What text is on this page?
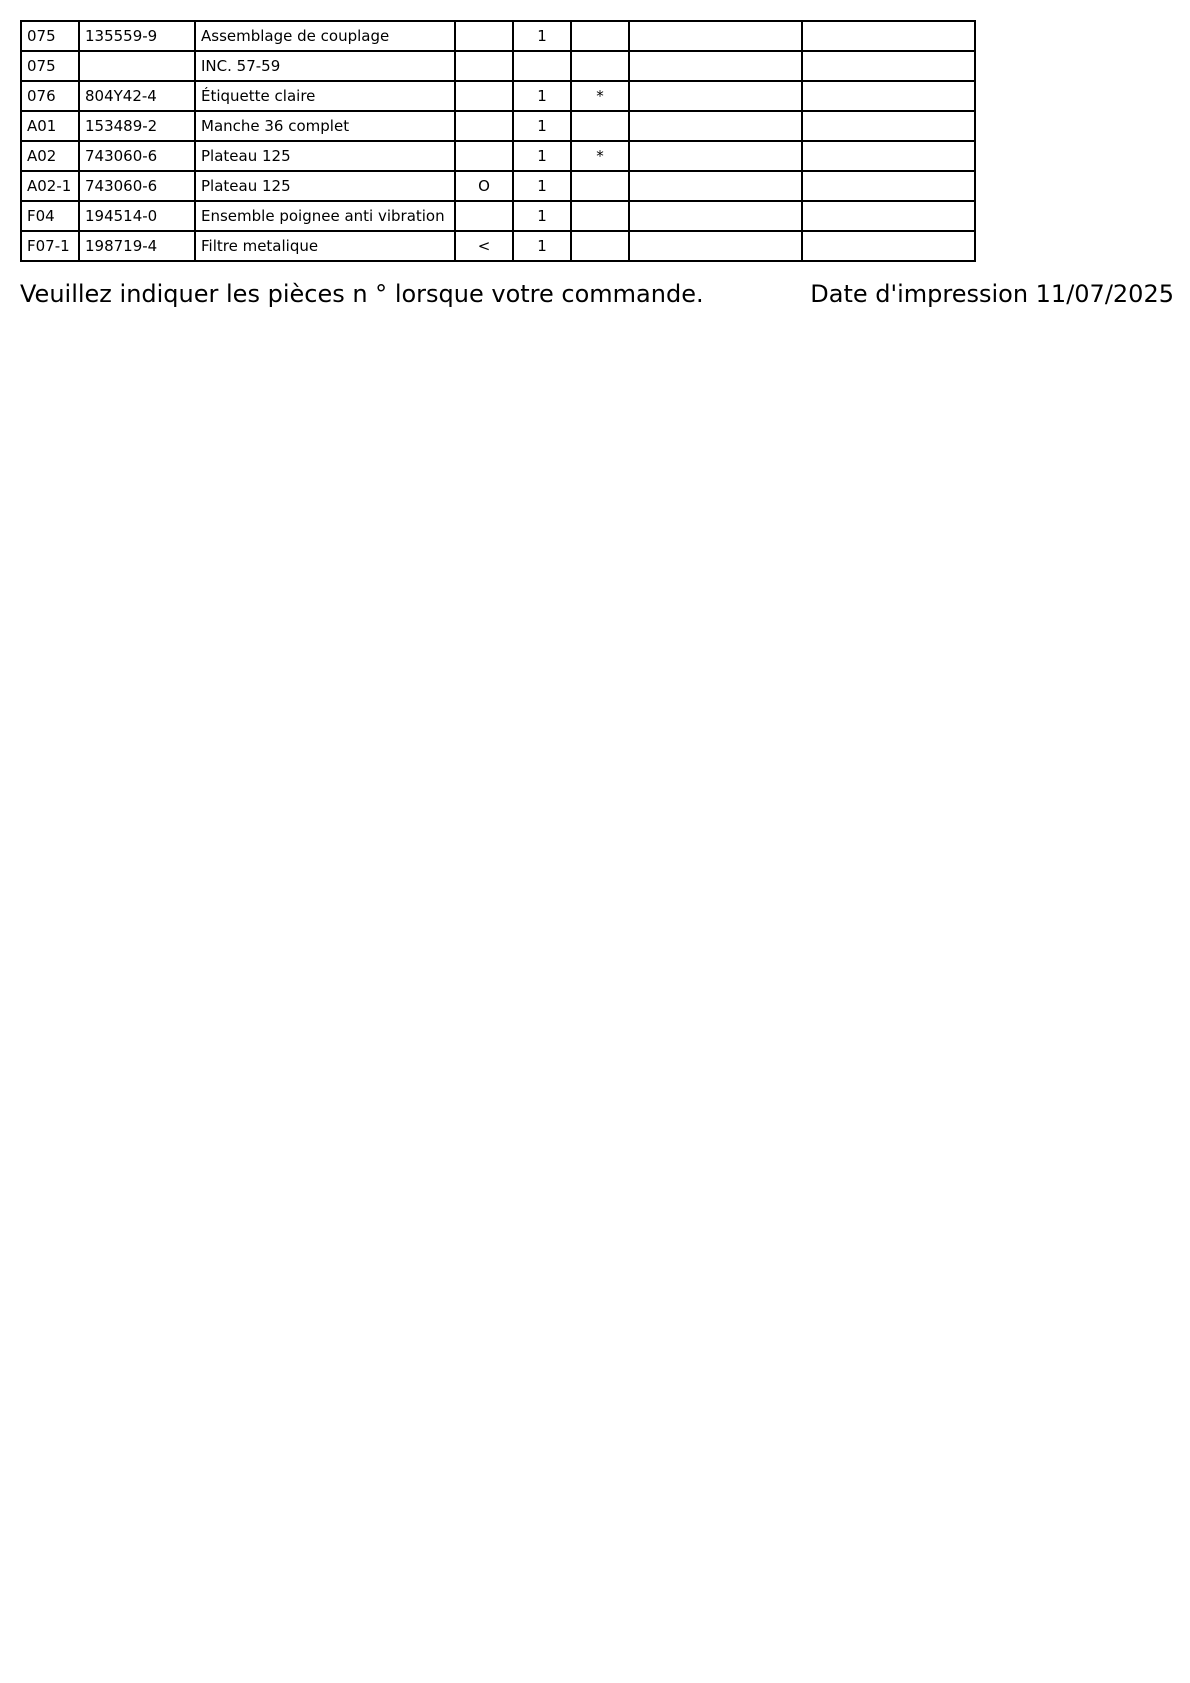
075	135559-9	Assemblage de couplage		1			
075		INC. 57-59					
076	804Y42-4	Étiquette claire		1	*		
A01	153489-2	Manche 36 complet		1			
A02	743060-6	Plateau 125		1	*		
A02-1	743060-6	Plateau 125	O	1			
F04	194514-0	Ensemble poignee anti vibration		1			
F07-1	198719-4	Filtre metalique	<	1			
Veuillez indiquer les pièces n ° lorsque votre commande.	Date d'impression 11/07/2025
